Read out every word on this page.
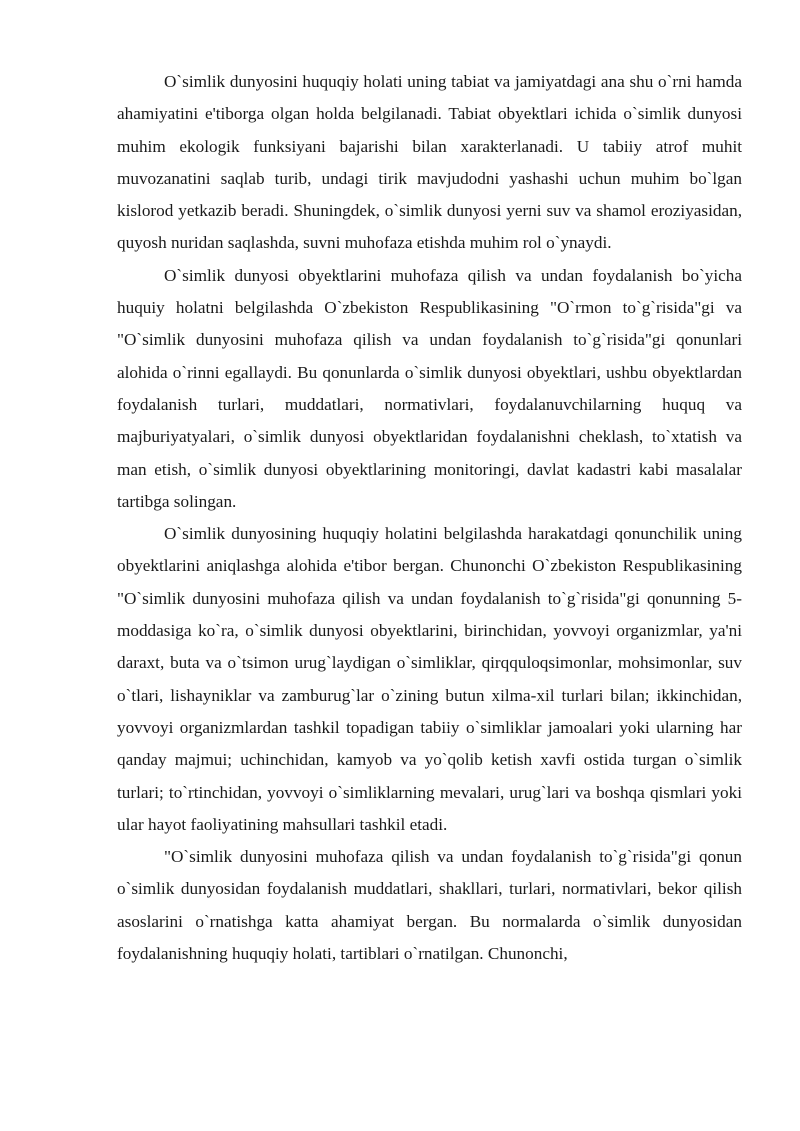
O`simlik dunyosini huquqiy holati uning tabiat va jamiyatdagi ana shu o`rni hamda ahamiyatini e'tiborga olgan holda belgilanadi. Tabiat obyektlari ichida o`simlik dunyosi muhim ekologik funksiyani bajarishi bilan xarakterlanadi. U tabiiy atrof muhit muvozanatini saqlab turib, undagi tirik mavjudodni yashashi uchun muhim bo`lgan kislorod yetkazib beradi. Shuningdek, o`simlik dunyosi yerni suv va shamol eroziyasidan, quyosh nuridan saqlashda, suvni muhofaza etishda muhim rol o`ynaydi.

O`simlik dunyosi obyektlarini muhofaza qilish va undan foydalanish bo`yicha huquiy holatni belgilashda O`zbekiston Respublikasining "O`rmon to`g`risida"gi va "O`simlik dunyosini muhofaza qilish va undan foydalanish to`g`risida"gi qonunlari alohida o`rinni egallaydi. Bu qonunlarda o`simlik dunyosi obyektlari, ushbu obyektlardan foydalanish turlari, muddatlari, normativlari, foydalanuvchilarning huquq va majburiyatyalari, o`simlik dunyosi obyektlaridan foydalanishni cheklash, to`xtatish va man etish, o`simlik dunyosi obyektlarining monitoringi, davlat kadastri kabi masalalar tartibga solingan.

O`simlik dunyosining huquqiy holatini belgilashda harakatdagi qonunchilik uning obyektlarini aniqlashga alohida e'tibor bergan. Chunonchi O`zbekiston Respublikasining "O`simlik dunyosini muhofaza qilish va undan foydalanish to`g`risida"gi qonunning 5-moddasiga ko`ra, o`simlik dunyosi obyektlarini, birinchidan, yovvoyi organizmlar, ya'ni daraxt, buta va o`tsimon urug`laydigan o`simliklar, qirqquloqsimonlar, mohsimonlar, suv o`tlari, lishayniklar va zamburug`lar o`zining butun xilma-xil turlari bilan; ikkinchidan, yovvoyi organizmlardan tashkil topadigan tabiiy o`simliklar jamoalari yoki ularning har qanday majmui; uchinchidan, kamyob va yo`qolib ketish xavfi ostida turgan o`simlik turlari; to`rtinchidan, yovvoyi o`simliklarning mevalari, urug`lari va boshqa qismlari yoki ular hayot faoliyatining mahsullari tashkil etadi.

"O`simlik dunyosini muhofaza qilish va undan foydalanish to`g`risida"gi qonun o`simlik dunyosidan foydalanish muddatlari, shakllari, turlari, normativlari, bekor qilish asoslarini o`rnatishga katta ahamiyat bergan. Bu normalarda o`simlik dunyosidan foydalanishning huquqiy holati, tartiblari o`rnatilgan. Chunonchi,
